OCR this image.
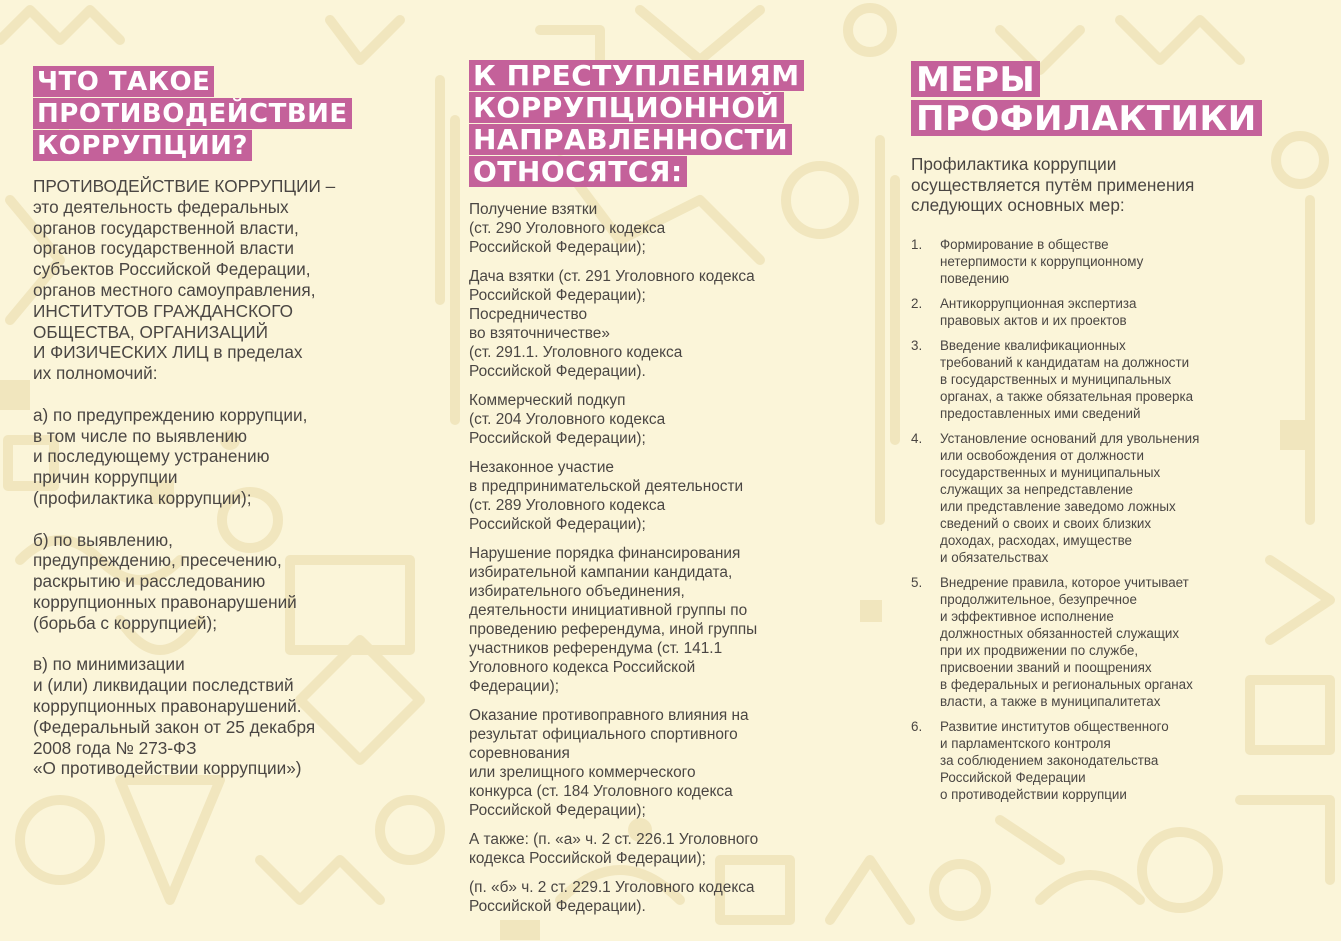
ЧТО ТАКОЕ
ПРОТИВОДЕЙСТВИЕ
КОРРУПЦИИ?

ПРОТИВОДЕЙСТВИЕ КОРРУПЦИИ –
это деятельность федеральных
органов государственной власти,
органов государственной власти
субъектов Российской Федерации,
органов местного самоуправления,
ИНСТИТУТОВ ГРАЖДАНСКОГО
ОБЩЕСТВА, ОРГАНИЗАЦИЙ
И ФИЗИЧЕСКИХ ЛИЦ в пределах
их полномочий:

а) по предупреждению коррупции,
в том числе по выявлению
и последующему устранению
причин коррупции
(профилактика коррупции);

б) по выявлению,
предупреждению, пресечению,
раскрытию и расследованию
коррупционных правонарушений
(борьба с коррупцией);

в) по минимизации
и (или) ликвидации последствий
коррупционных правонарушений.
(Федеральный закон от 25 декабря
2008 года № 273-ФЗ
«О противодействии коррупции»)

К ПРЕСТУПЛЕНИЯМ
КОРРУПЦИОННОЙ
НАПРАВЛЕННОСТИ
ОТНОСЯТСЯ:

Получение взятки
(ст. 290 Уголовного кодекса
Российской Федерации);

Дача взятки (ст. 291 Уголовного кодекса
Российской Федерации);
Посредничество
во взяточничестве»
(ст. 291.1. Уголовного кодекса
Российской Федерации).

Коммерческий подкуп
(ст. 204 Уголовного кодекса
Российской Федерации);

Незаконное участие
в предпринимательской деятельности
(ст. 289 Уголовного кодекса
Российской Федерации);

Нарушение порядка финансирования
избирательной кампании кандидата,
избирательного объединения,
деятельности инициативной группы по
проведению референдума, иной группы
участников референдума (ст. 141.1
Уголовного кодекса Российской
Федерации);

Оказание противоправного влияния на
результат официального спортивного
соревнования
или зрелищного коммерческого
конкурса (ст. 184 Уголовного кодекса
Российской Федерации);

А также: (п. «а» ч. 2 ст. 226.1 Уголовного
кодекса Российской Федерации);

(п. «б» ч. 2 ст. 229.1 Уголовного кодекса
Российской Федерации).

МЕРЫ
ПРОФИЛАКТИКИ

Профилактика коррупции
осуществляется путём применения
следующих основных мер:

1. Формирование в обществе
нетерпимости к коррупционному
поведению
2. Антикоррупционная экспертиза
правовых актов и их проектов
3. Введение квалификационных
требований к кандидатам на должности
в государственных и муниципальных
органах, а также обязательная проверка
предоставленных ими сведений
4. Установление оснований для увольнения
или освобождения от должности
государственных и муниципальных
служащих за непредставление
или представление заведомо ложных
сведений о своих и своих близких
доходах, расходах, имуществе
и обязательствах
5. Внедрение правила, которое учитывает
продолжительное, безупречное
и эффективное исполнение
должностных обязанностей служащих
при их продвижении по службе,
присвоении званий и поощрениях
в федеральных и региональных органах
власти, а также в муниципалитетах
6. Развитие институтов общественного
и парламентского контроля
за соблюдением законодательства
Российской Федерации
о противодействии коррупции
